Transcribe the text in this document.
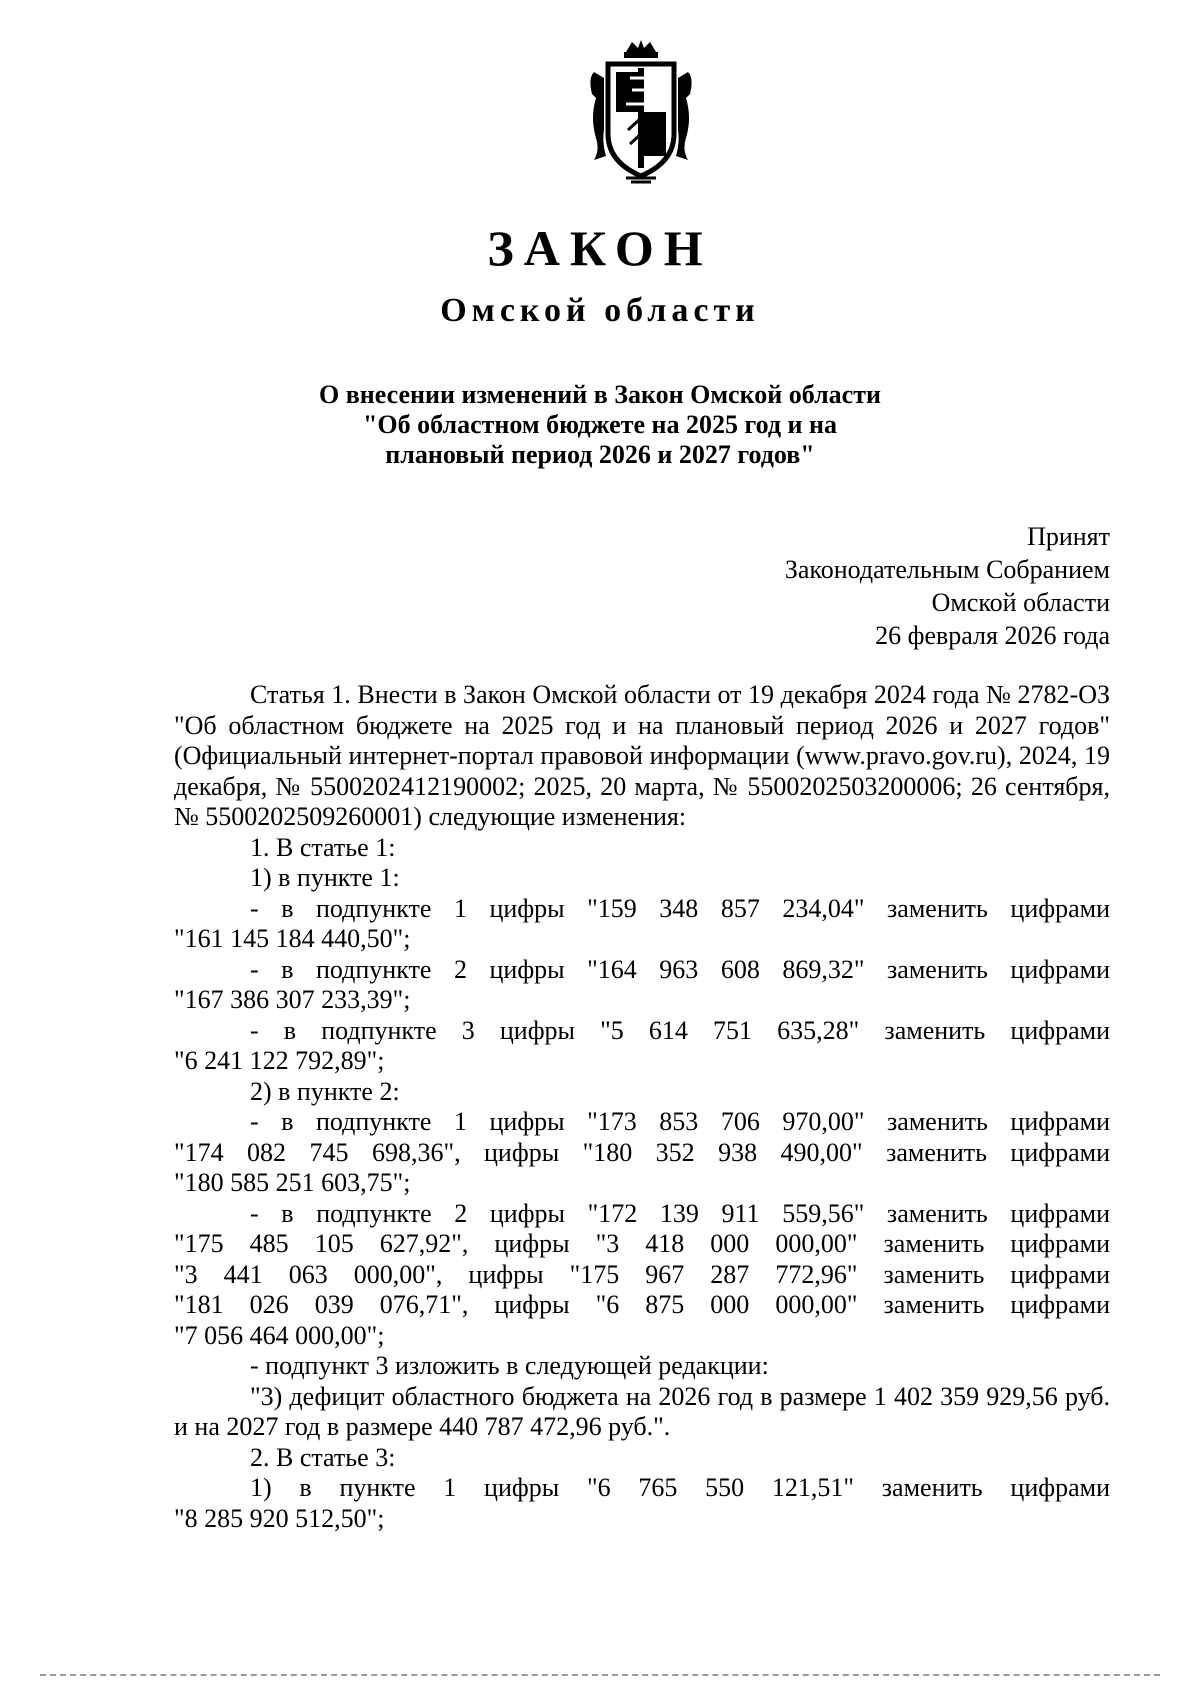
ЗАКОН
Омской области
О внесении изменений в Закон Омской области
"Об областном бюджете на 2025 год и на
плановый период 2026 и 2027 годов"
Принят
Законодательным Собранием
Омской области
26 февраля 2026 года
Статья 1. Внести в Закон Омской области от 19 декабря 2024 года № 2782-ОЗ "Об областном бюджете на 2025 год и на плановый период 2026 и 2027 годов" (Официальный интернет-портал правовой информации (www.pravo.gov.ru), 2024, 19 декабря, № 5500202412190002; 2025, 20 марта, № 5500202503200006; 26 сентября, № 5500202509260001) следующие изменения:
1. В статье 1:
1) в пункте 1:
- в подпункте 1 цифры "159 348 857 234,04" заменить цифрами
"161 145 184 440,50";
- в подпункте 2 цифры "164 963 608 869,32" заменить цифрами
"167 386 307 233,39";
- в подпункте 3 цифры "5 614 751 635,28" заменить цифрами
"6 241 122 792,89";
2) в пункте 2:
- в подпункте 1 цифры "173 853 706 970,00" заменить цифрами
"174 082 745 698,36", цифры "180 352 938 490,00" заменить цифрами
"180 585 251 603,75";
- в подпункте 2 цифры "172 139 911 559,56" заменить цифрами
"175 485 105 627,92", цифры "3 418 000 000,00" заменить цифрами
"3 441 063 000,00", цифры "175 967 287 772,96" заменить цифрами
"181 026 039 076,71", цифры "6 875 000 000,00" заменить цифрами
"7 056 464 000,00";
- подпункт 3 изложить в следующей редакции:
"3) дефицит областного бюджета на 2026 год в размере 1 402 359 929,56 руб. и на 2027 год в размере 440 787 472,96 руб.".
2. В статье 3:
1) в пункте 1 цифры "6 765 550 121,51" заменить цифрами
"8 285 920 512,50";
